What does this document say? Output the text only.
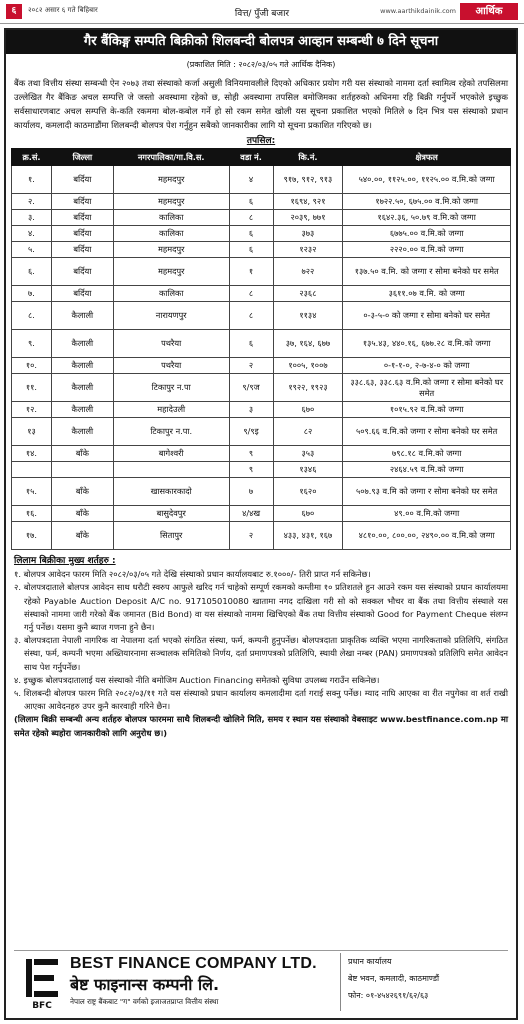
६	२०८२ असार ६ गते बिहिबार	वित्त/ पुँजी बजार	www.aarthikdainik.com	आर्थिक
गैर बैंकिङ्ग सम्पति बिक्रीको शिलबन्दी बोलपत्र आव्हान सम्बन्धी ७ दिने सूचना
(प्रकाशित मिति : २०८२/०३/०५ गते आर्थिक दैनिक)
बैंक तथा वित्तीय संस्था सम्बन्धी ऐन २०७३ तथा संस्थाको कर्जा असुली विनियमावलीले दिएको अधिकार प्रयोग गरी यस संस्थाको नाममा दर्ता स्वामित्व रहेको तपसिलमा उल्लेखित गैर बैंकिङ अचल सम्पत्ति जे जस्तो अवस्थामा रहेको छ, सोही अवस्थामा तपसिल बमोजिमका शर्तहरुको अधिनमा रहि बिक्री गर्नुपर्ने भएकोले इच्छुक सर्वसाधारणबाट अचल सम्पत्ति के-कति रकममा बोल-कबोल गर्ने हो सो रकम समेत खोली यस सूचना प्रकाशित भएको मितिले ७ दिन भित्र यस संस्थाको प्रधान कार्यालय, कमलादी काठमाडौंमा शिलबन्दी बोलपत्र पेश गर्नुहुन सबैको जानकारीका लागि यो सूचना प्रकाशित गरिएको छ।
तपसिल:
क्र.सं.	जिल्ला	नगरपालिका/गा.वि.स.	वडा नं.	कि.नं.	क्षेत्रफल
१.	बर्दिया	महमदपुर	४	९१७, ९१२, ९१३	५४०.००, ११२५.००, ११२५.०० व.मि.को जग्गा
२.	बर्दिया	महमदपुर	६	१६९४, ९२१	१७२२.५०, ६७५.०० व.मि.को जग्गा
३.	बर्दिया	कालिका	८	२०३९, ७७१	१६४२.३६, ५०.७९ व.मि.को जग्गा
४.	बर्दिया	कालिका	६	३७३	६७७५.०० व.मि.को जग्गा
५.	बर्दिया	महमदपुर	६	१२३२	२२२०.०० व.मि.को जग्गा
६.	बर्दिया	महमदपुर	१	७२२	१३७.५० व.मि. को जग्गा र सोमा बनेको घर समेत
७.	बर्दिया	कालिका	८	२३६८	३६११.०७ व.मि. को जग्गा
८.	कैलाली	नारायणपुर	८	११३४	०-३-५-० को जग्गा र सोमा बनेको घर समेत
९.	कैलाली	पथरैया	६	३७, १६४, ६७७	१३५.४३, ४४०.१६, ६७७.२८ व.मि.को जग्गा
१०.	कैलाली	पथरैया	२	१००५, १००७	०-१-१-०, २-७-४-० को जग्गा
११.	कैलाली	टिकापुर न.पा	९/९ज	१९२२, १९२३	३३८.६३, ३३८.६३ व.मि.को जग्गा र सोमा बनेको घर समेत
१२.	कैलाली	महादेउली	३	६७०	१०१५.९२ व.मि.को जग्गा
१३	कैलाली	टिकापुर न.पा.	९/९इ	८२	५०९.६६ व.मि.को जग्गा र सोमा बनेको घर समेत
१४.	बाँके	बागेश्वरी	९	३५३	७९८.१८ व.मि.को जग्गा
			९	१३४६	२४६४.५९ व.मि.को जग्गा
१५.	बाँके	खासकारकादो	७	१६२०	५०७.९३ व.मि को जग्गा र सोमा बनेको घर समेत
१६.	बाँके	बासुदेवपुर	४/४ख	६७०	४९.०० व.मि.को जग्गा
१७.	बाँके	सितापुर	२	४३३, ४३१, १६७	४८१०.००, ८००.००, २४९०.०० व.मि.को जग्गा
लिलाम बिक्रीका मुख्य शर्तहरु :
१. बोलपत्र आवेदन फारम मिति २०८२/०३/०५ गते देखि संस्थाको प्रधान कार्यालयबाट रु.१०००/- तिरी प्राप्त गर्न सकिनेछ।
२. बोलपत्रदाताले बोलपत्र आवेदन साथ धरौटी स्वरुप आफुले खरिद गर्न चाहेको सम्पूर्ण रकमको कम्तीमा १० प्रतिशतले हुन आउने रकम यस संस्थाको प्रधान कार्यालयमा रहेको Payable Auction Deposit A/C no. 917105010080 खातामा नगद दाखिला गरी सो को सक्कल भौचर वा बैंक तथा वित्तीय संस्थाले यस संस्थाको नाममा जारी गरेको बैंक जमानत (Bid Bond) वा यस संस्थाको नाममा खिचिएको बैंक तथा वित्तीय संस्थाको Good for Payment Cheque संलग्न गर्नु पर्नेछ। यसमा कुनै ब्याज गणना हुने छैन।
३. बोलपत्रदाता नेपाली नागरिक वा नेपालमा दर्ता भएको संगठित संस्था, फर्म, कम्पनी हुनुपर्नेछ। बोलपत्रदाता प्राकृतिक व्यक्ति भएमा नागरिकताको प्रतिलिपि, संगठित संस्था, फर्म, कम्पनी भएमा अख्तियारनामा सञ्चालक समितिको निर्णय, दर्ता प्रमाणपत्रको प्रतिलिपि, स्थायी लेखा नम्बर (PAN) प्रमाणपत्रको प्रतिलिपि समेत आवेदन साथ पेश गर्नुपर्नेछ।
४. इच्छुक बोलपत्रदातालाई यस संस्थाको नीति बमोजिम Auction Financing समेतको सुविधा उपलब्ध गराउँन सकिनेछ।
५. शिलबन्दी बोलपत्र फारम मिति २०८२/०३/११ गते यस संस्थाको प्रधान कार्यालय कमलादीमा दर्ता गराई सक्नु पर्नेछ। म्याद नाघि आएका वा रीत नपुगेका वा शर्त राखी आएका आवेदनहरु उपर कुनै कारवाही गरिने छैन।
(लिलाम बिक्री सम्बन्धी अन्य शर्तहरु बोलपत्र फारममा साथै शिलबन्दी खोलिने मिति, समय र स्थान यस संस्थाको वेबसाइट www.bestfinance.com.np मा समेत रहेको ब्यहोरा जानकारीको लागि अनुरोध छ।)
BFC
BEST FINANCE COMPANY LTD.
बेष्ट फाइनान्स कम्पनी लि.
नेपाल राष्ट्र बैंकबाट "ग" वर्गको इजाजतप्राप्त वित्तीय संस्था
प्रधान कार्यालय
बेष्ट भवन, कमलादी, काठमाण्डौं
फोन: ०१-४५४२६९१/६२/६३
